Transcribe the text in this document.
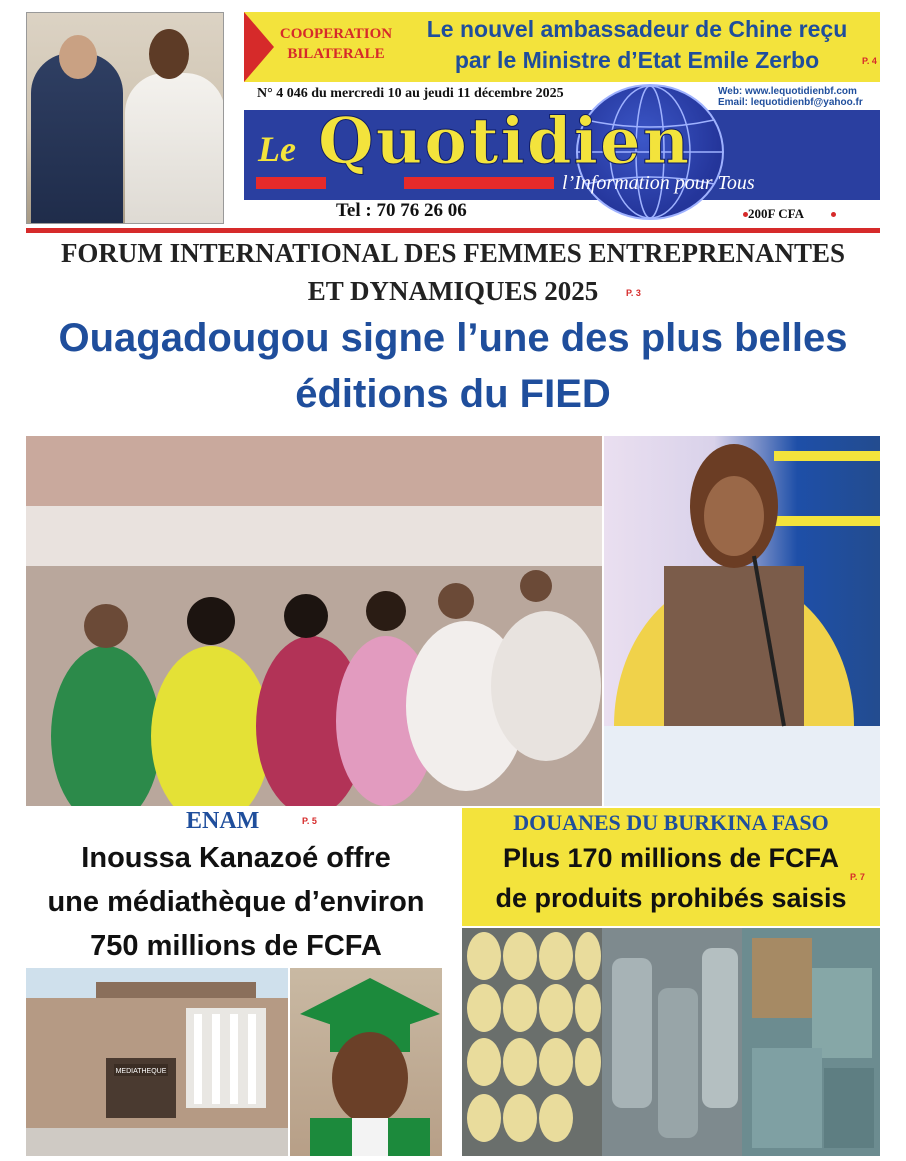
COOPERATION
BILATERALE
Le nouvel ambassadeur de Chine reçu
par le Ministre d’Etat Emile Zerbo	P. 4
N° 4 046 du mercredi 10 au jeudi 11 décembre 2025	Web: www.lequotidienbf.com
Email: lequotidienbf@yahoo.fr
Le Quotidien
l’Information pour Tous
Tel : 70 76 26 06	200F CFA
FORUM INTERNATIONAL DES FEMMES ENTREPRENANTES
ET DYNAMIQUES 2025	P. 3
Ouagadougou signe l’une des plus belles
éditions du FIED
ENAM	P. 5
Inoussa Kanazoé offre
une médiathèque d’environ
750 millions de FCFA
MEDIATHEQUE
DOUANES DU BURKINA FASO
Plus 170 millions de FCFA
de produits prohibés saisis
P. 7
